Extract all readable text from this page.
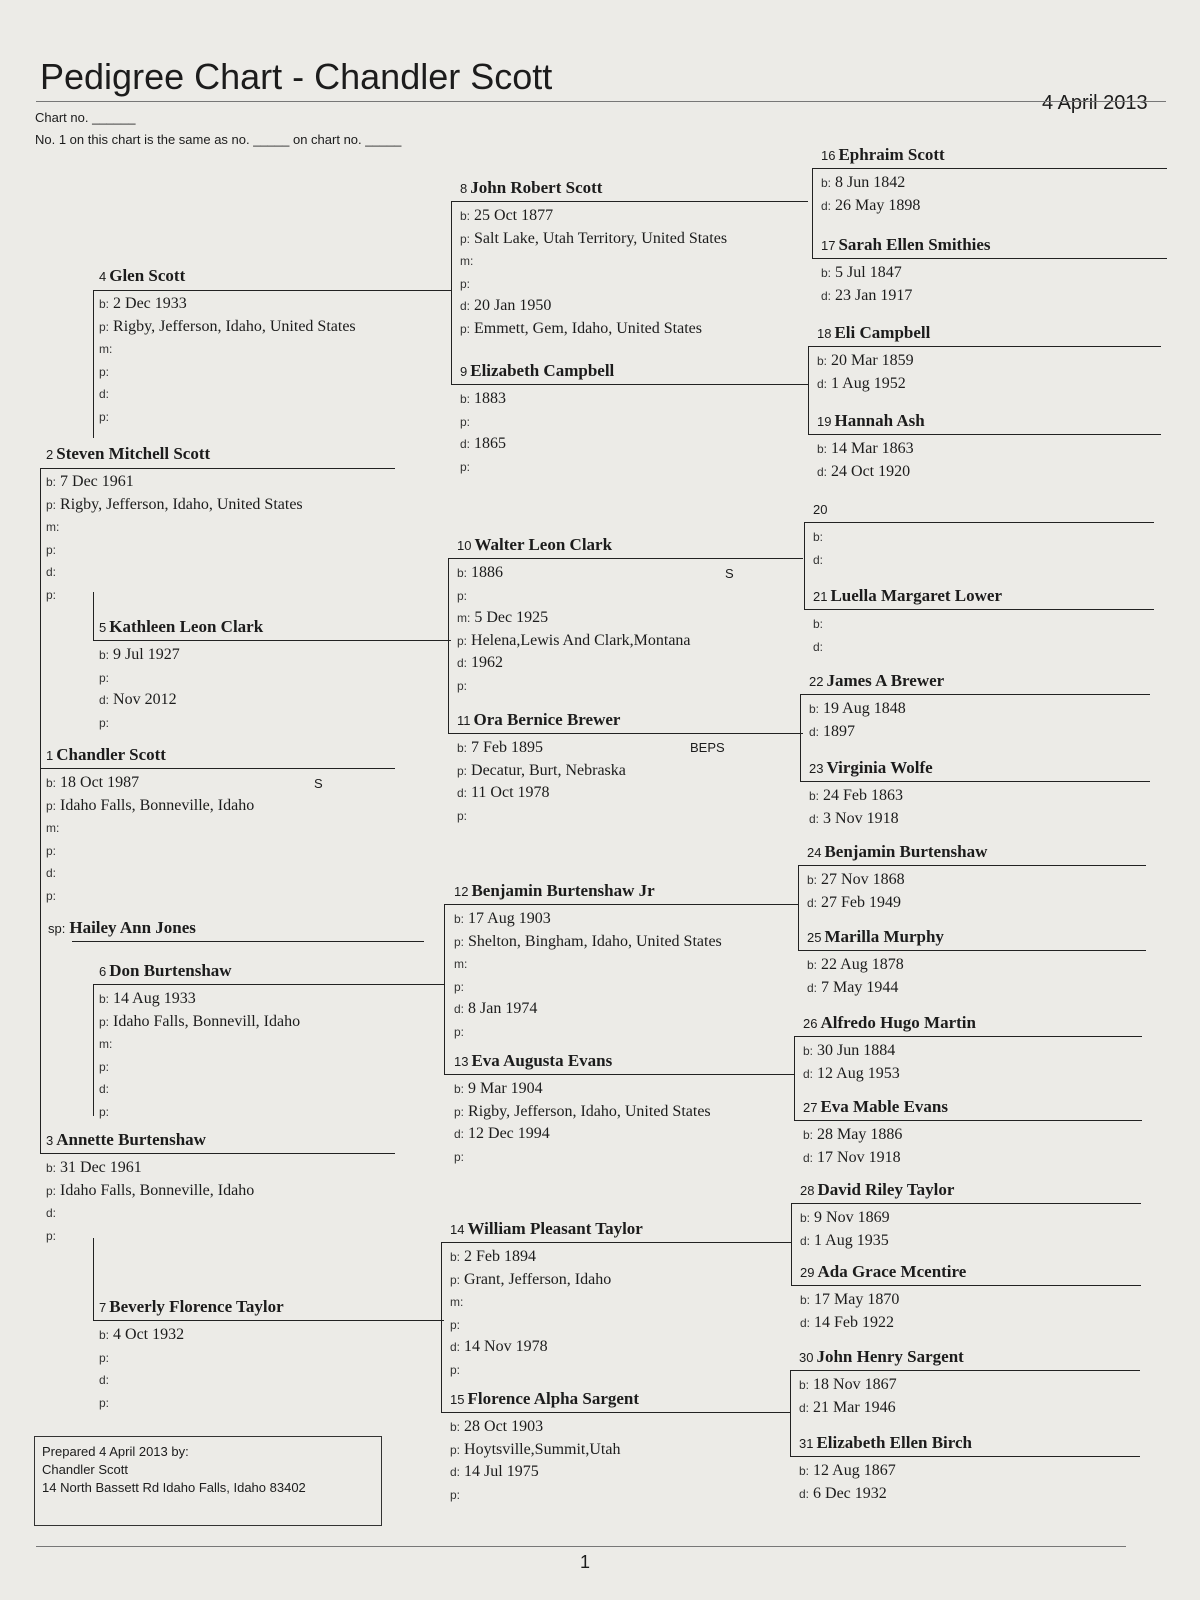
Pedigree Chart - Chandler Scott
4 April 2013
Chart no. ______
No. 1 on this chart is the same as no. _____ on chart no. _____
1 Chandler Scott
b: 18 Oct 1987
p: Idaho Falls, Bonneville, Idaho
m:
p:
d:
p:
2 Steven Mitchell Scott
b: 7 Dec 1961
p: Rigby, Jefferson, Idaho, United States
m:
p:
d:
p:
3 Annette Burtenshaw
b: 31 Dec 1961
p: Idaho Falls, Bonneville, Idaho
d:
p:
4 Glen Scott
b: 2 Dec 1933
p: Rigby, Jefferson, Idaho, United States
m:
p:
d:
p:
5 Kathleen Leon Clark
b: 9 Jul 1927
p:
d: Nov 2012
p:
6 Don Burtenshaw
b: 14 Aug 1933
p: Idaho Falls, Bonnevill, Idaho
m:
p:
d:
p:
7 Beverly Florence Taylor
b: 4 Oct 1932
p:
d:
p:
8 John Robert Scott
b: 25 Oct 1877
p: Salt Lake, Utah Territory, United States
m:
p:
d: 20 Jan 1950
p: Emmett, Gem, Idaho, United States
9 Elizabeth Campbell
b: 1883
p:
d: 1865
p:
10 Walter Leon Clark
b: 1886
p:
m: 5 Dec 1925
p: Helena,Lewis And Clark,Montana
d: 1962
p:
11 Ora Bernice Brewer
b: 7 Feb 1895
p: Decatur, Burt, Nebraska
d: 11 Oct 1978
p:
12 Benjamin Burtenshaw Jr
b: 17 Aug 1903
p: Shelton, Bingham, Idaho, United States
m:
p:
d: 8 Jan 1974
p:
13 Eva Augusta Evans
b: 9 Mar 1904
p: Rigby, Jefferson, Idaho, United States
d: 12 Dec 1994
p:
14 William Pleasant Taylor
b: 2 Feb 1894
p: Grant, Jefferson, Idaho
m:
p:
d: 14 Nov 1978
p:
15 Florence Alpha Sargent
b: 28 Oct 1903
p: Hoytsville,Summit,Utah
d: 14 Jul 1975
p:
16 Ephraim Scott
b: 8 Jun 1842
d: 26 May 1898
17 Sarah Ellen Smithies
b: 5 Jul 1847
d: 23 Jan 1917
18 Eli Campbell
b: 20 Mar 1859
d: 1 Aug 1952
19 Hannah Ash
b: 14 Mar 1863
d: 24 Oct 1920
20
b:
d:
21 Luella Margaret Lower
b:
d:
22 James A Brewer
b: 19 Aug 1848
d: 1897
23 Virginia Wolfe
b: 24 Feb 1863
d: 3 Nov 1918
24 Benjamin Burtenshaw
b: 27 Nov 1868
d: 27 Feb 1949
25 Marilla Murphy
b: 22 Aug 1878
d: 7 May 1944
26 Alfredo Hugo Martin
b: 30 Jun 1884
d: 12 Aug 1953
27 Eva Mable Evans
b: 28 May 1886
d: 17 Nov 1918
28 David Riley Taylor
b: 9 Nov 1869
d: 1 Aug 1935
29 Ada Grace Mcentire
b: 17 May 1870
d: 14 Feb 1922
30 John Henry Sargent
b: 18 Nov 1867
d: 21 Mar 1946
31 Elizabeth Ellen Birch
b: 12 Aug 1867
d: 6 Dec 1932
S
S
BEPS
sp: Hailey Ann Jones
Prepared 4 April 2013 by:
Chandler Scott
14 North Bassett Rd Idaho Falls, Idaho 83402
1
